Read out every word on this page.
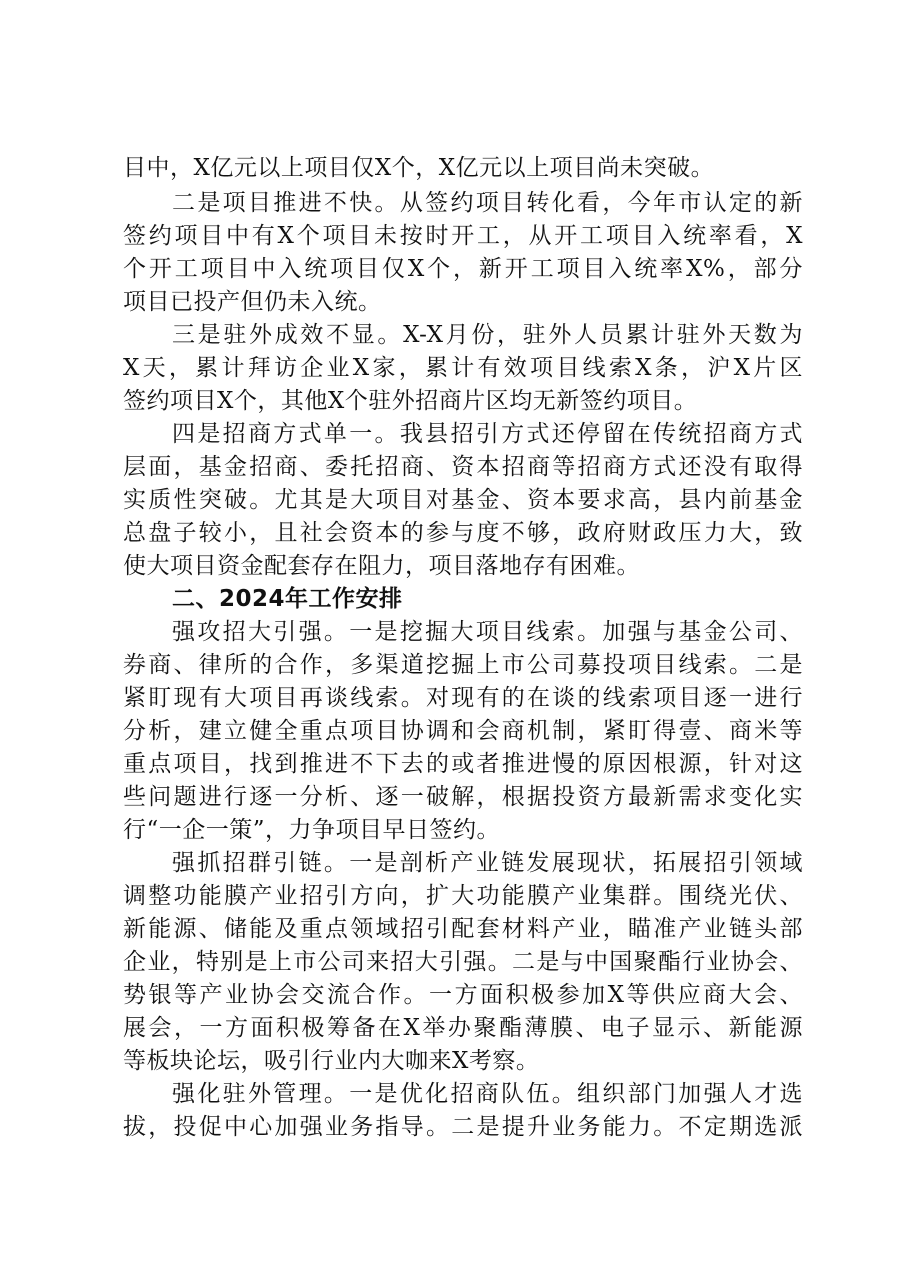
目中，X亿元以上项目仅X个，X亿元以上项目尚未突破。
二是项目推进不快。从签约项目转化看，今年市认定的新
签约项目中有X个项目未按时开工，从开工项目入统率看，X
个开工项目中入统项目仅X个，新开工项目入统率X%，部分
项目已投产但仍未入统。
三是驻外成效不显。X-X月份，驻外人员累计驻外天数为
X天，累计拜访企业X家，累计有效项目线索X条，沪X片区
签约项目X个，其他X个驻外招商片区均无新签约项目。
四是招商方式单一。我县招引方式还停留在传统招商方式
层面，基金招商、委托招商、资本招商等招商方式还没有取得
实质性突破。尤其是大项目对基金、资本要求高，县内前基金
总盘子较小，且社会资本的参与度不够，政府财政压力大，致
使大项目资金配套存在阻力，项目落地存有困难。
二、2024年工作安排
强攻招大引强。一是挖掘大项目线索。加强与基金公司、
券商、律所的合作，多渠道挖掘上市公司募投项目线索。二是
紧盯现有大项目再谈线索。对现有的在谈的线索项目逐一进行
分析，建立健全重点项目协调和会商机制，紧盯得壹、商米等
重点项目，找到推进不下去的或者推进慢的原因根源，针对这
些问题进行逐一分析、逐一破解，根据投资方最新需求变化实
行“一企一策”，力争项目早日签约。
强抓招群引链。一是剖析产业链发展现状，拓展招引领域
调整功能膜产业招引方向，扩大功能膜产业集群。围绕光伏、
新能源、储能及重点领域招引配套材料产业，瞄准产业链头部
企业，特别是上市公司来招大引强。二是与中国聚酯行业协会、
势银等产业协会交流合作。一方面积极参加X等供应商大会、
展会，一方面积极筹备在X举办聚酯薄膜、电子显示、新能源
等板块论坛，吸引行业内大咖来X考察。
强化驻外管理。一是优化招商队伍。组织部门加强人才选
拔，投促中心加强业务指导。二是提升业务能力。不定期选派
